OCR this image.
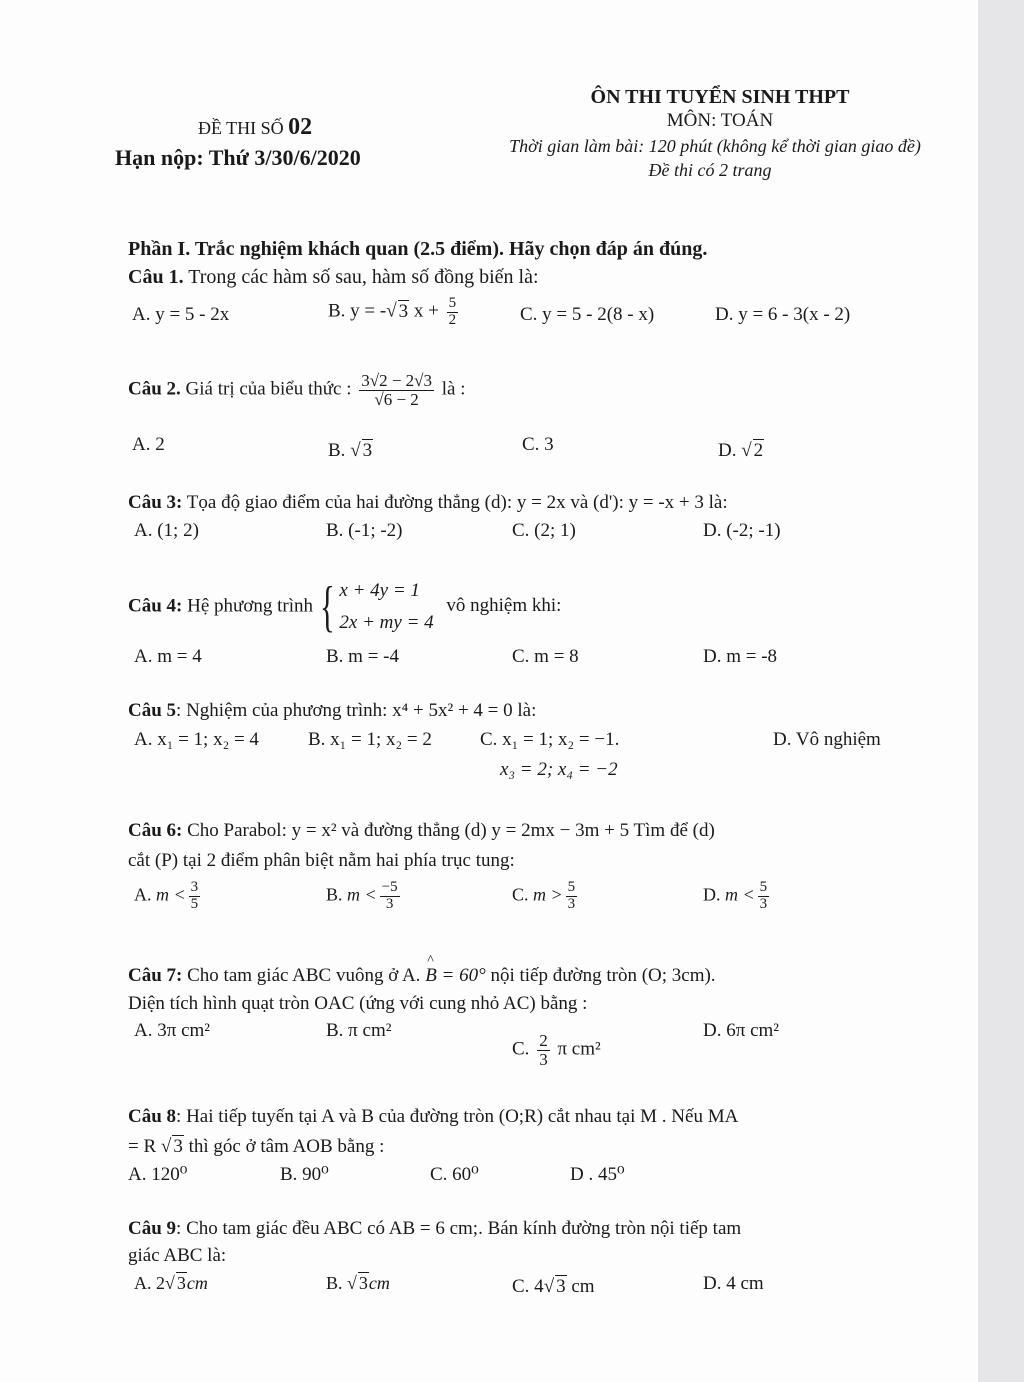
ÔN THI TUYỂN SINH THPT
MÔN: TOÁN
Thời gian làm bài: 120 phút (không kể thời gian giao đề)
Đề thi có 2 trang
ĐỀ THI SỐ 02
Hạn nộp: Thứ 3/30/6/2020
Phần I. Trắc nghiệm khách quan (2.5 điểm). Hãy chọn đáp án đúng.
Câu 1. Trong các hàm số sau, hàm số đồng biến là:
A. y = 5 - 2x	B. y = -√ 3 $x + \frac{5}{2}$	C. y = 5 - 2(8 - x)	D. y = 6 - 3(x - 2)
Câu 2. Giá trị của biểu thức : $\frac{3√2 - 2√3}{√6 - 2}$ là :
A. 2	B. √ 3	C. 3	D. √ 2
Câu 3: Tọa độ giao điểm của hai đường thẳng (d): y = 2x và (d'): y = -x + 3 là:
A. (1; 2)	B. (-1; -2)	C. (2; 1)	D. (-2; -1)
Câu 4: Hệ phương trình { x + 4y = 1
2x + my = 4
vô nghiệm khi:
A. m = 4	B. m = -4	C. m = 8	D. m = -8
Câu 5: Nghiệm của phương trình: x⁴ + 5x² + 4 = 0 là:
A. x₁ = 1; x₂ = 4	B. x₁ = 1; x₂ = 2	C. x₁ = 1; x₂ = −1.
x₃ = 2; x₄ = −2
D. Vô nghiệm
Câu 6: Cho Parabol: y = x² và đường thẳng (d) y = 2mx − 3m + 5 Tìm để (d)
cắt (P) tại 2 điểm phân biệt nằm hai phía trục tung:
A. $m < \frac{3}{5}$	B. $m < \frac{-5}{3}$	C. $m > \frac{5}{3}$	D. $m < \frac{5}{3}$
Câu 7: Cho tam giác ABC vuông ở A. ^ B = 60° nội tiếp đường tròn (O; 3cm).
Diện tích hình quạt tròn OAC (ứng với cung nhỏ AC) bằng :
A. 3π cm²	B. π cm²
C. $\frac{2}{3}$ π cm²
D. 6π cm²
Câu 8: Hai tiếp tuyến tại A và B của đường tròn (O;R) cắt nhau tại M . Nếu MA
= R √ 3 thì góc ở tâm AOB bằng :
A. 120⁰	B. 90⁰	C. 60⁰	D . 45⁰
Câu 9: Cho tam giác đều ABC có AB = 6 cm;. Bán kính đường tròn nội tiếp tam
giác ABC là:
A. 2√ 3cm	B. √ 3cm	C. 4√ 3 cm	D. 4 cm
